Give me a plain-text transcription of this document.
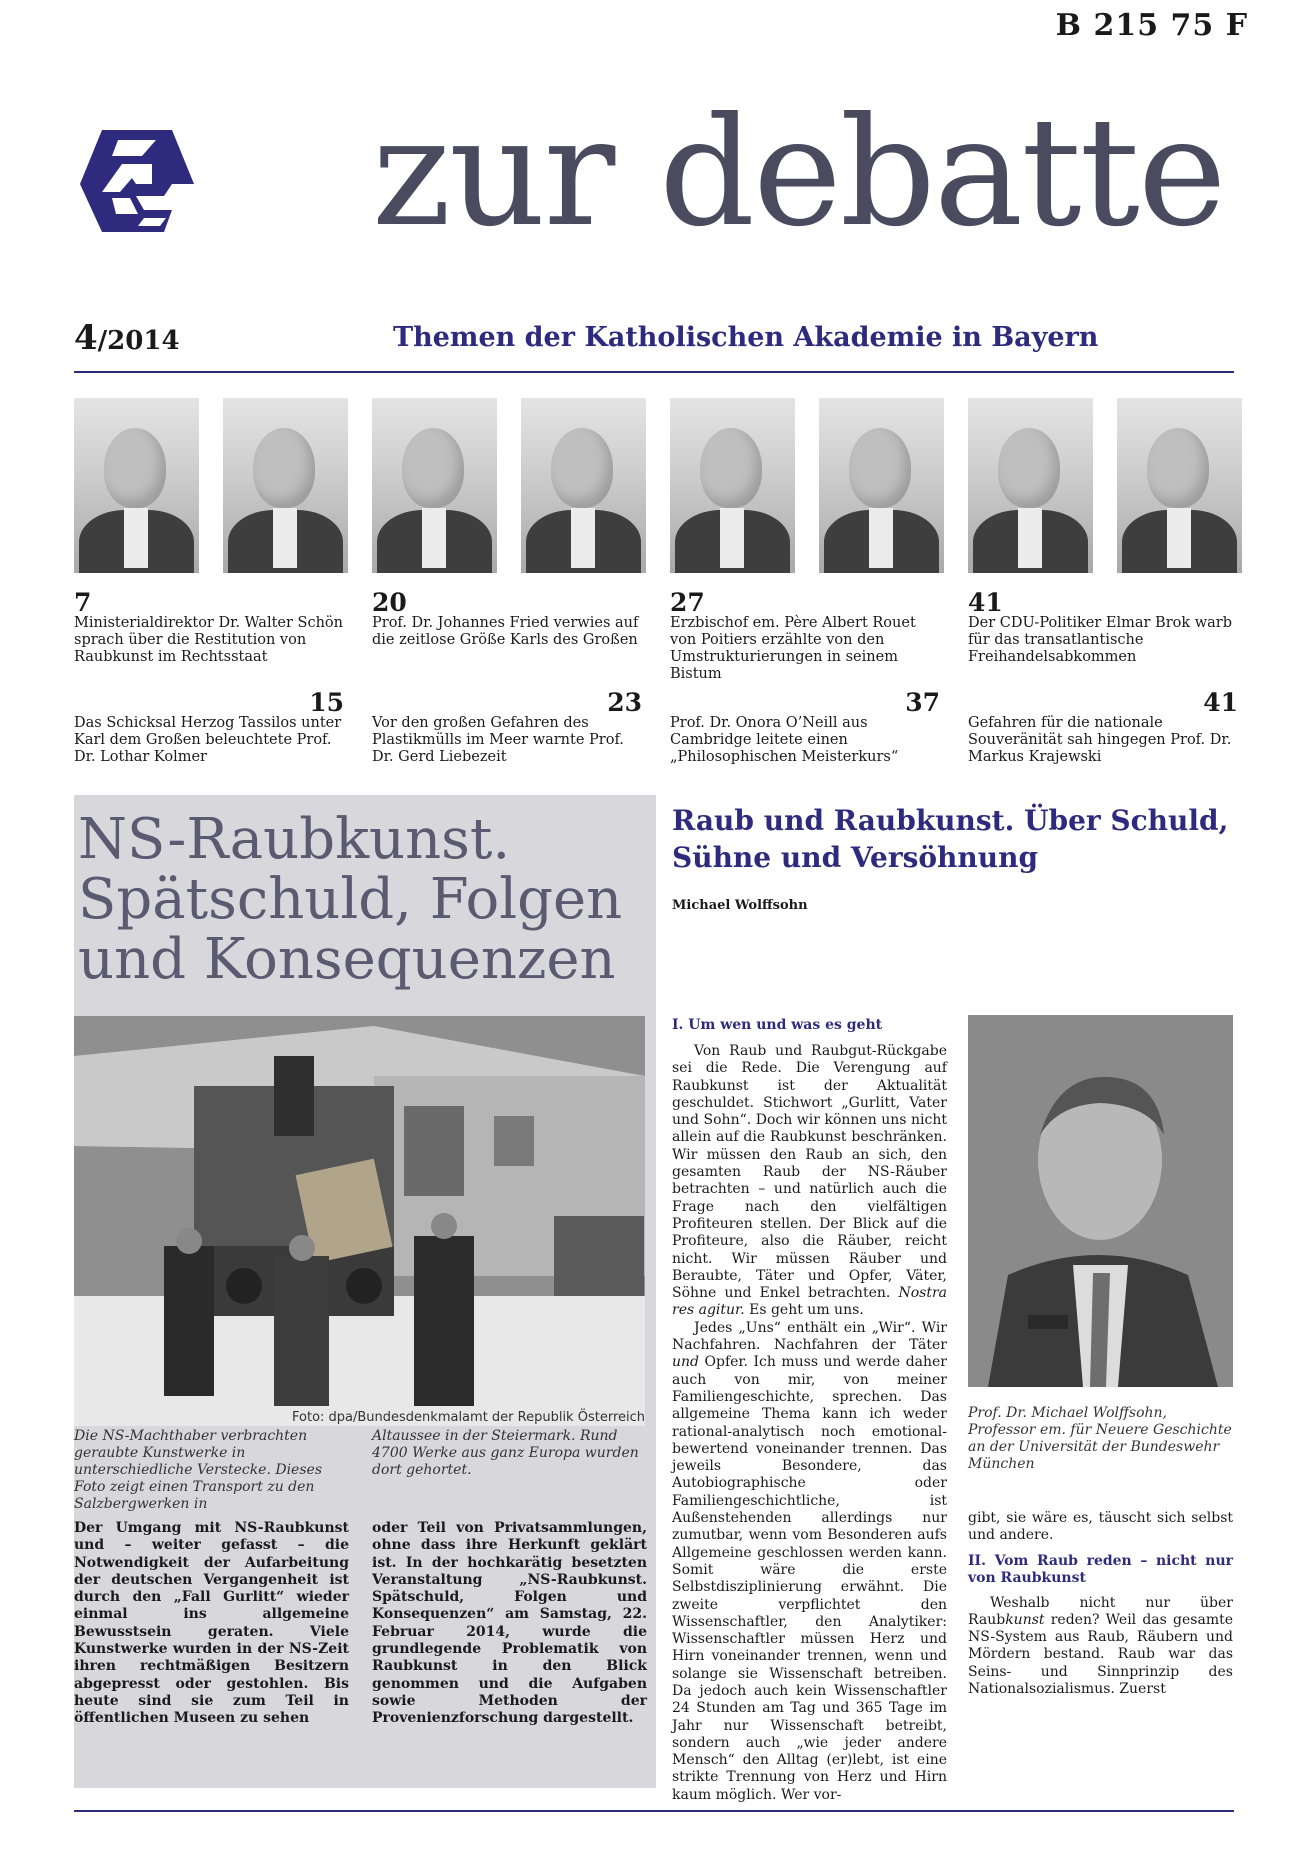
B 215 75 F
zur debatte
4/2014	Themen der Katholischen Akademie in Bayern
7
Ministerialdirektor Dr. Walter Schön sprach über die Restitution von Raubkunst im Rechtsstaat
20
Prof. Dr. Johannes Fried verwies auf die zeitlose Größe Karls des Großen
27
Erzbischof em. Père Albert Rouet von Poitiers erzählte von den Umstrukturierungen in seinem Bistum
41
Der CDU-Politiker Elmar Brok warb für das transatlantische Freihandelsabkommen
15
Das Schicksal Herzog Tassilos unter Karl dem Großen beleuchtete Prof. Dr. Lothar Kolmer
23
Vor den großen Gefahren des Plastikmülls im Meer warnte Prof. Dr. Gerd Liebezeit
37
Prof. Dr. Onora O’Neill aus Cambridge leitete einen „Philosophischen Meisterkurs“
41
Gefahren für die nationale Souveränität sah hingegen Prof. Dr. Markus Krajewski
NS-Raubkunst. Spätschuld, Folgen und Konsequenzen
Foto: dpa/Bundesdenkmalamt der Republik Österreich
Die NS-Machthaber verbrachten geraubte Kunstwerke in unterschiedliche Verstecke. Dieses Foto zeigt einen Transport zu den Salzbergwerken in
Altaussee in der Steiermark. Rund 4700 Werke aus ganz Europa wurden dort gehortet.
Der Umgang mit NS-Raubkunst und – weiter gefasst – die Notwendigkeit der Aufarbeitung der deutschen Vergangenheit ist durch den „Fall Gurlitt“ wieder einmal ins allgemeine Bewusstsein geraten. Viele Kunstwerke wurden in der NS-Zeit ihren rechtmäßigen Besitzern abgepresst oder gestohlen. Bis heute sind sie zum Teil in öffentlichen Museen zu sehen
oder Teil von Privatsammlungen, ohne dass ihre Herkunft geklärt ist. In der hochkarätig besetzten Veranstaltung „NS-Raubkunst. Spätschuld, Folgen und Konsequenzen“ am Samstag, 22. Februar 2014, wurde die grundlegende Problematik von Raubkunst in den Blick genommen und die Aufgaben sowie Methoden der Provenienzforschung dargestellt.
Raub und Raubkunst. Über Schuld, Sühne und Versöhnung
Michael Wolffsohn
I. Um wen und was es geht
Von Raub und Raubgut-Rückgabe sei die Rede. Die Verengung auf Raubkunst ist der Aktualität geschuldet. Stichwort „Gurlitt, Vater und Sohn“. Doch wir können uns nicht allein auf die Raubkunst beschränken. Wir müssen den Raub an sich, den gesamten Raub der NS-Räuber betrachten – und natürlich auch die Frage nach den vielfältigen Profiteuren stellen. Der Blick auf die Profiteure, also die Räuber, reicht nicht. Wir müssen Räuber und Beraubte, Täter und Opfer, Väter, Söhne und Enkel betrachten. Nostra res agitur. Es geht um uns.
Jedes „Uns“ enthält ein „Wir“. Wir Nachfahren. Nachfahren der Täter und Opfer. Ich muss und werde daher auch von mir, von meiner Familiengeschichte, sprechen. Das allgemeine Thema kann ich weder rational-analytisch noch emotional-bewertend voneinander trennen. Das jeweils Besondere, das Autobiographische oder Familiengeschichtliche, ist Außenstehenden allerdings nur zumutbar, wenn vom Besonderen aufs Allgemeine geschlossen werden kann. Somit wäre die erste Selbstdisziplinierung erwähnt. Die zweite verpflichtet den Wissenschaftler, den Analytiker: Wissenschaftler müssen Herz und Hirn voneinander trennen, wenn und solange sie Wissenschaft betreiben. Da jedoch auch kein Wissenschaftler 24 Stunden am Tag und 365 Tage im Jahr nur Wissenschaft betreibt, sondern auch „wie jeder andere Mensch“ den Alltag (er)lebt, ist eine strikte Trennung von Herz und Hirn kaum möglich. Wer vor-
Prof. Dr. Michael Wolffsohn, Professor em. für Neuere Geschichte an der Universität der Bundeswehr München
gibt, sie wäre es, täuscht sich selbst und andere.
II. Vom Raub reden – nicht nur von Raubkunst
Weshalb nicht nur über Raubkunst reden? Weil das gesamte NS-System aus Raub, Räubern und Mördern bestand. Raub war das Seins- und Sinnprinzip des Nationalsozialismus. Zuerst
